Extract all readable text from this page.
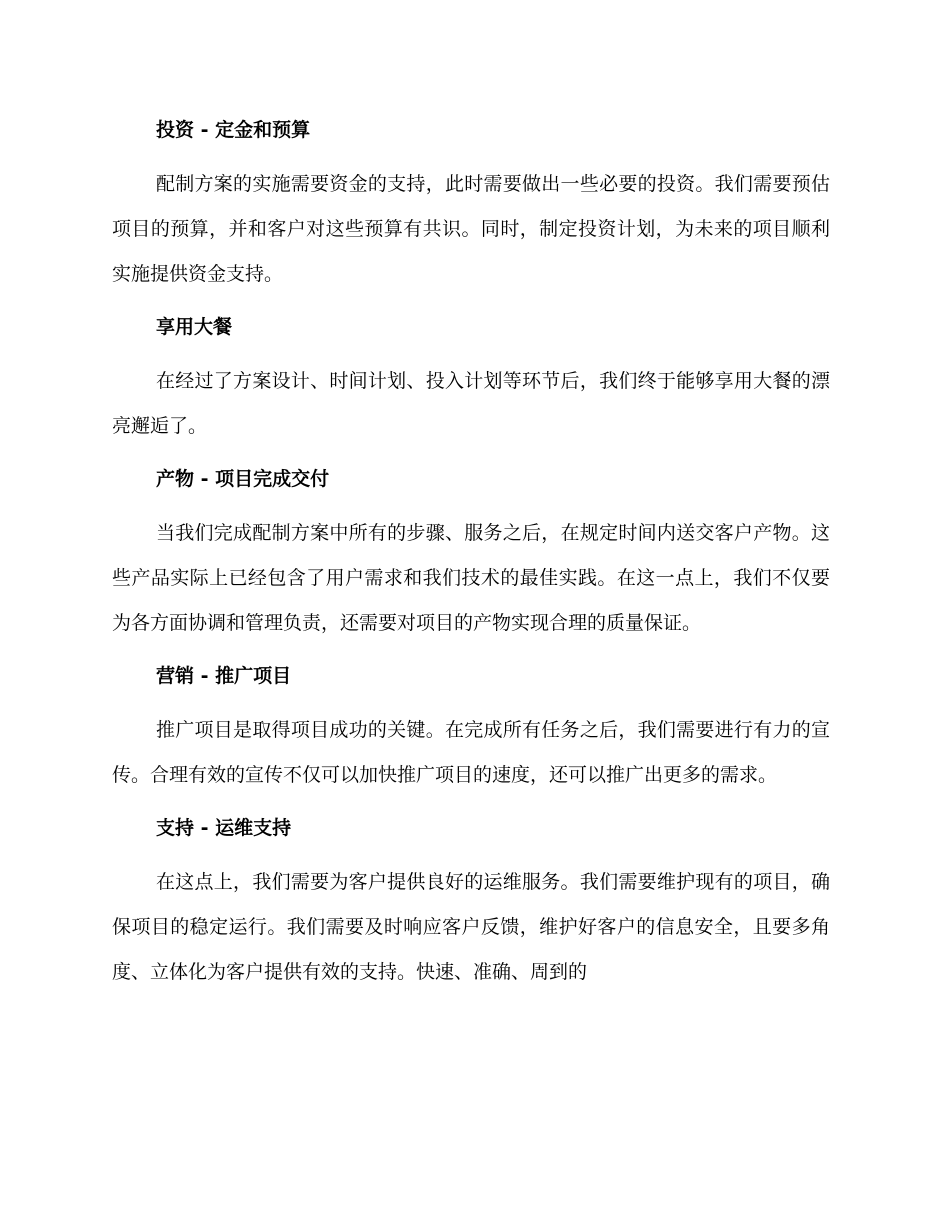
投资 - 定金和预算

配制方案的实施需要资金的支持，此时需要做出一些必要的投资。我们需要预估项目的预算，并和客户对这些预算有共识。同时，制定投资计划，为未来的项目顺利实施提供资金支持。

享用大餐

在经过了方案设计、时间计划、投入计划等环节后，我们终于能够享用大餐的漂亮邂逅了。

产物 - 项目完成交付

当我们完成配制方案中所有的步骤、服务之后，在规定时间内送交客户产物。这些产品实际上已经包含了用户需求和我们技术的最佳实践。在这一点上，我们不仅要为各方面协调和管理负责，还需要对项目的产物实现合理的质量保证。

营销 - 推广项目

推广项目是取得项目成功的关键。在完成所有任务之后，我们需要进行有力的宣传。合理有效的宣传不仅可以加快推广项目的速度，还可以推广出更多的需求。

支持 - 运维支持

在这点上，我们需要为客户提供良好的运维服务。我们需要维护现有的项目，确保项目的稳定运行。我们需要及时响应客户反馈，维护好客户的信息安全，且要多角度、立体化为客户提供有效的支持。快速、准确、周到的
